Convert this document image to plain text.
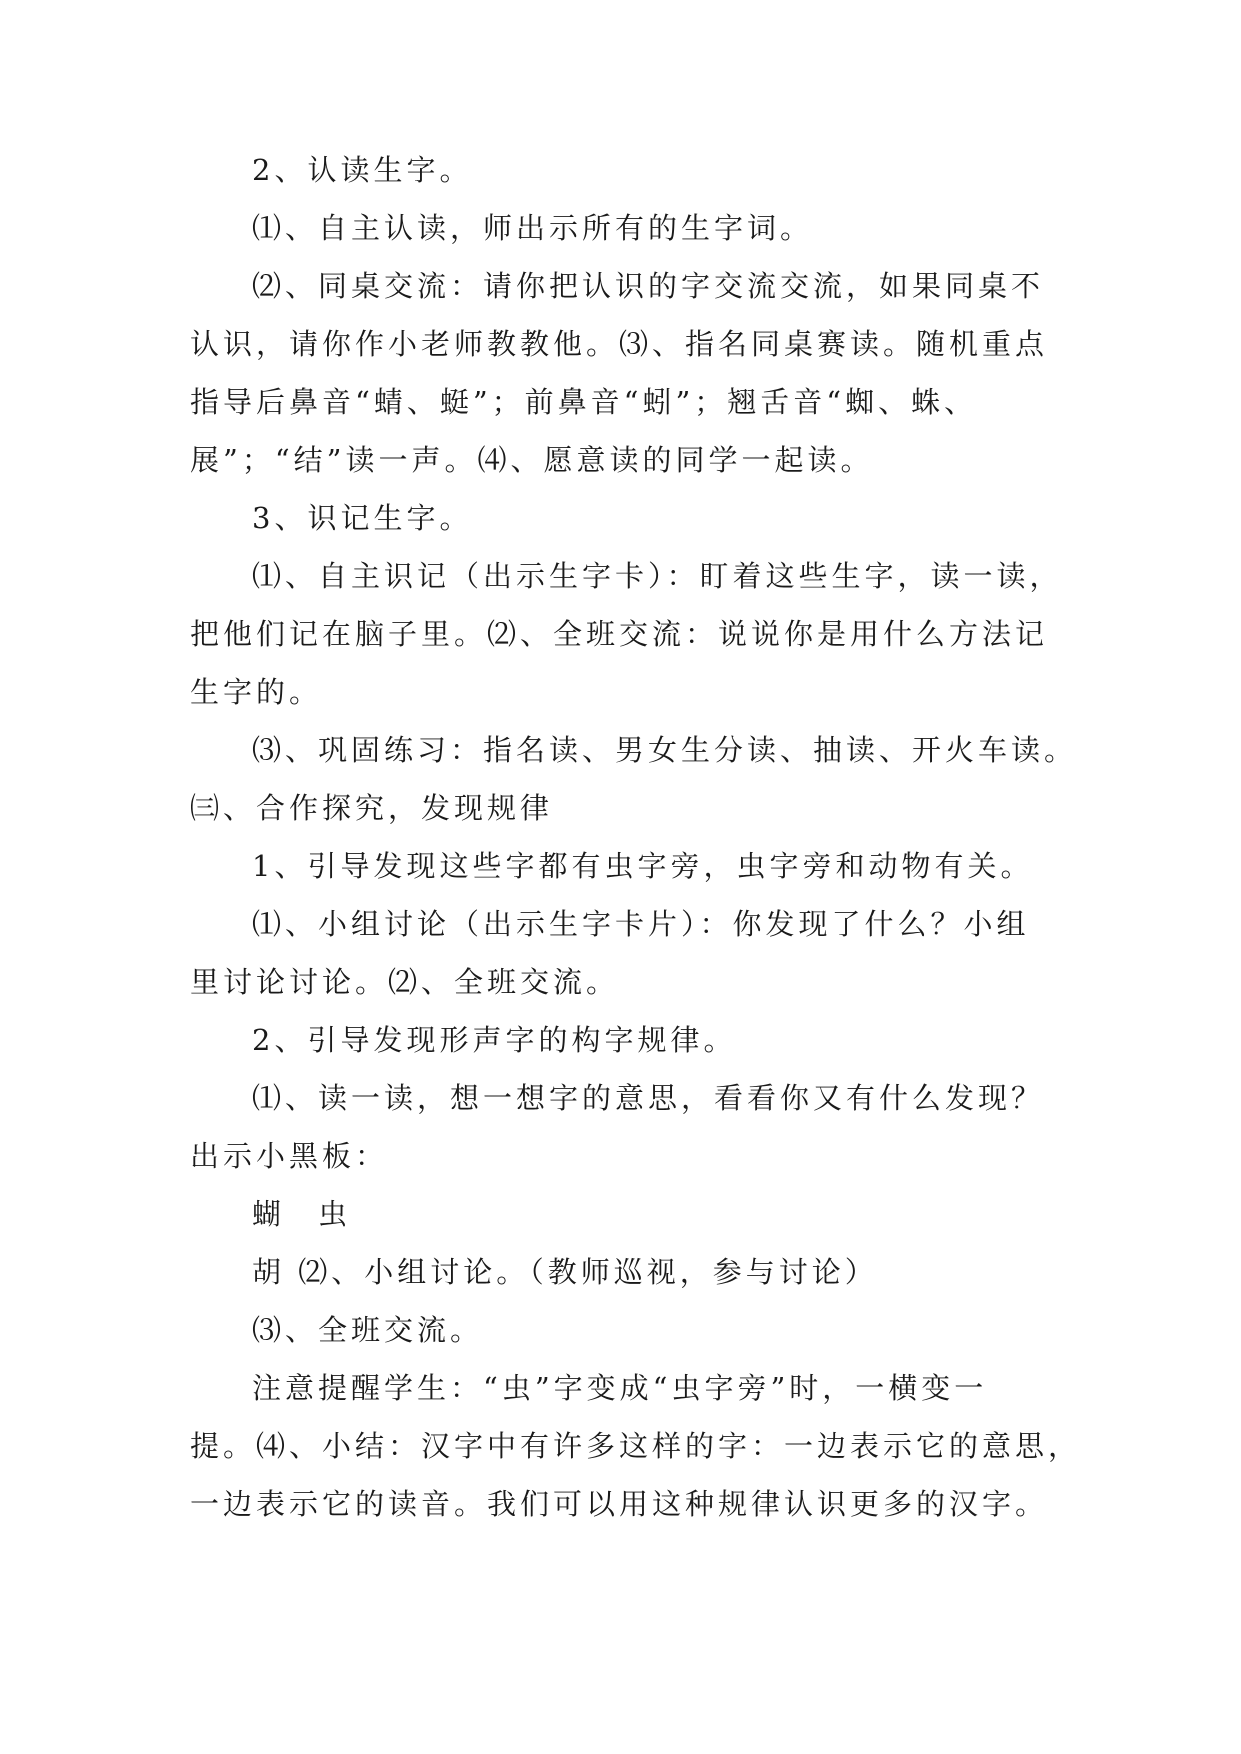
2、认读生字。
⑴、自主认读，师出示所有的生字词。
⑵、同桌交流：请你把认识的字交流交流，如果同桌不
认识，请你作小老师教教他。⑶、指名同桌赛读。随机重点
指导后鼻音“蜻、蜓”；前鼻音“蚓”；翘舌音“蜘、蛛、
展”；“结”读一声。⑷、愿意读的同学一起读。
3、识记生字。
⑴、自主识记（出示生字卡）：盯着这些生字，读一读，
把他们记在脑子里。⑵、全班交流：说说你是用什么方法记
生字的。
⑶、巩固练习：指名读、男女生分读、抽读、开火车读。
㈢、合作探究，发现规律
1、引导发现这些字都有虫字旁，虫字旁和动物有关。
⑴、小组讨论（出示生字卡片）：你发现了什么？小组
里讨论讨论。⑵、全班交流。
2、引导发现形声字的构字规律。
⑴、读一读，想一想字的意思，看看你又有什么发现？
出示小黑板：
蝴　虫
胡 ⑵、小组讨论。（教师巡视，参与讨论）
⑶、全班交流。
注意提醒学生：“虫”字变成“虫字旁”时，一横变一
提。⑷、小结：汉字中有许多这样的字：一边表示它的意思，
一边表示它的读音。我们可以用这种规律认识更多的汉字。
